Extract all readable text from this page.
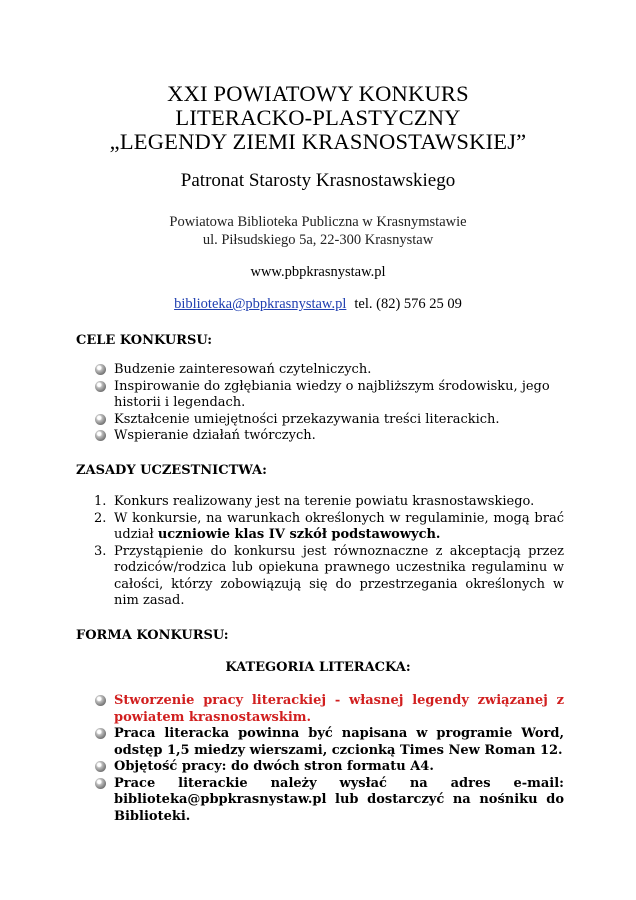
XXI POWIATOWY KONKURS
LITERACKO-PLASTYCZNY
„LEGENDY ZIEMI KRASNOSTAWSKIEJ”
Patronat Starosty Krasnostawskiego
Powiatowa Biblioteka Publiczna w Krasnymstawie
ul. Piłsudskiego 5a, 22-300 Krasnystaw
www.pbpkrasnystaw.pl
biblioteka@pbpkrasnystaw.pl tel. (82) 576 25 09
CELE KONKURSU:
Budzenie zainteresowań czytelniczych.
Inspirowanie do zgłębiania wiedzy o najbliższym środowisku, jego historii i legendach.
Kształcenie umiejętności przekazywania treści literackich.
Wspieranie działań twórczych.
ZASADY UCZESTNICTWA:
1. Konkurs realizowany jest na terenie powiatu krasnostawskiego.
2. W konkursie, na warunkach określonych w regulaminie, mogą brać udział uczniowie klas IV szkół podstawowych.
3. Przystąpienie do konkursu jest równoznaczne z akceptacją przez rodziców/rodzica lub opiekuna prawnego uczestnika regulaminu w całości, którzy zobowiązują się do przestrzegania określonych w nim zasad.
FORMA KONKURSU:
KATEGORIA LITERACKA:
Stworzenie pracy literackiej - własnej legendy związanej z powiatem krasnostawskim.
Praca literacka powinna być napisana w programie Word, odstęp 1,5 miedzy wierszami, czcionką Times New Roman 12.
Objętość pracy: do dwóch stron formatu A4.
Prace literackie należy wysłać na adres e-mail: biblioteka@pbpkrasnystaw.pl lub dostarczyć na nośniku do Biblioteki.
